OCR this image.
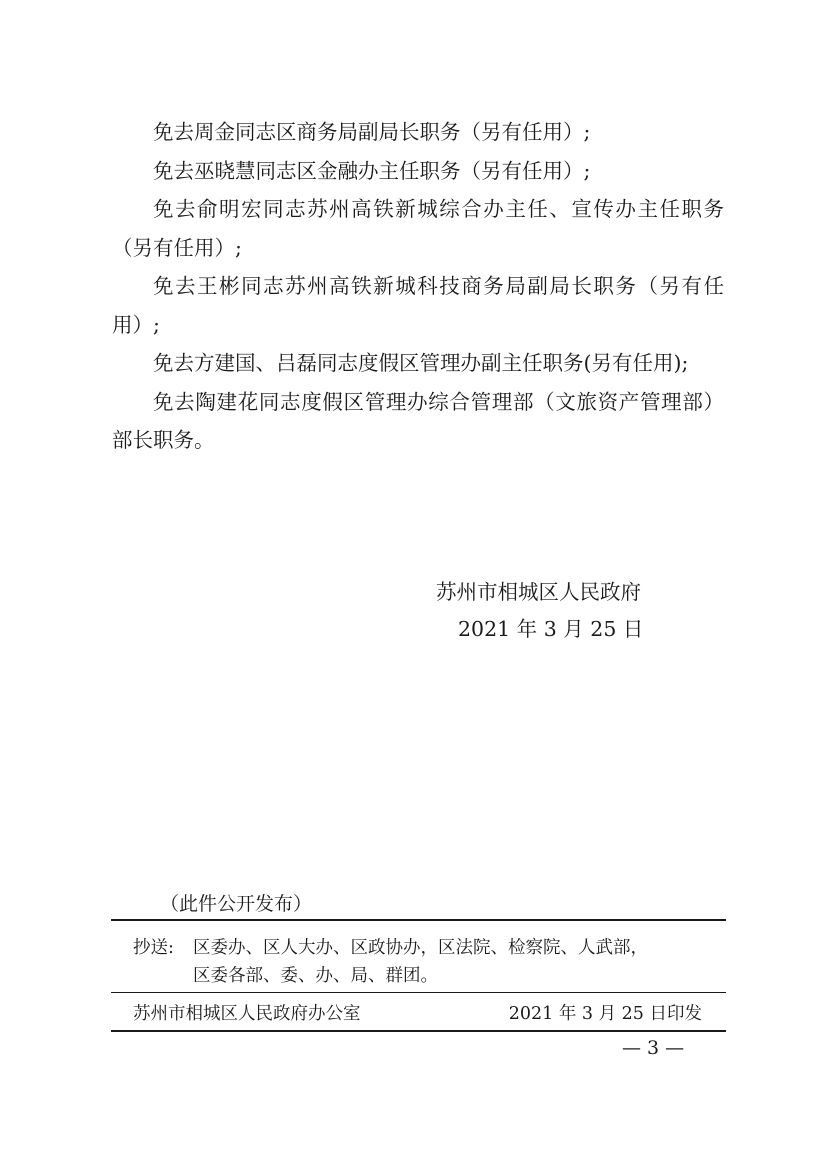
免去周金同志区商务局副局长职务（另有任用）;

免去巫晓慧同志区金融办主任职务（另有任用）;

免去俞明宏同志苏州高铁新城综合办主任、宣传办主任职务（另有任用）;

免去王彬同志苏州高铁新城科技商务局副局长职务（另有任用）;

免去方建国、吕磊同志度假区管理办副主任职务(另有任用);

免去陶建花同志度假区管理办综合管理部（文旅资产管理部）部长职务。

苏州市相城区人民政府
2021 年 3 月 25 日
（此件公开发布）
抄送: 区委办、区人大办、区政协办，区法院、检察院、人武部，
区委各部、委、办、局、群团。
苏州市相城区人民政府办公室	2021 年 3 月 25 日印发
— 3 —
